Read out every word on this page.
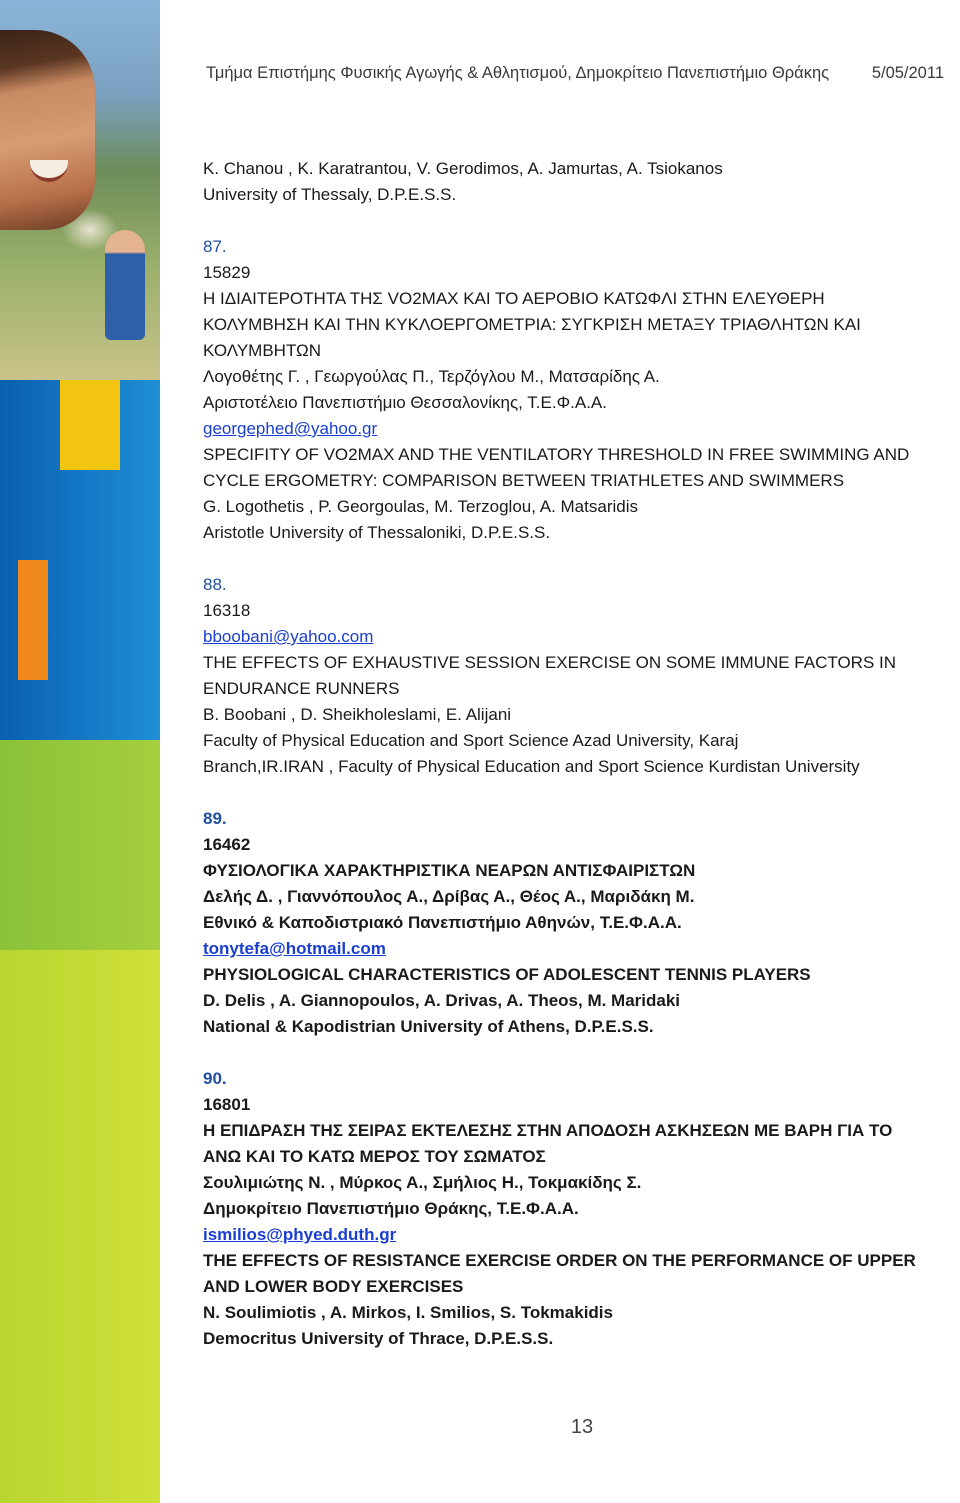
Τμήμα Επιστήμης Φυσικής Αγωγής & Αθλητισμού, Δημοκρίτειο Πανεπιστήμιο Θράκης	5/05/2011
K. Chanou , K. Karatrantou, V. Gerodimos, A. Jamurtas, A. Tsiokanos
University of Thessaly, D.P.E.S.S.
87.
15829
Η ΙΔΙΑΙΤΕΡΟΤΗΤΑ ΤΗΣ VO2MAX ΚΑΙ ΤΟ ΑΕΡΟΒΙΟ ΚΑΤΩΦΛΙ ΣΤΗΝ ΕΛΕΥΘΕΡΗ
ΚΟΛΥΜΒΗΣΗ ΚΑΙ ΤΗΝ ΚΥΚΛΟΕΡΓΟΜΕΤΡΙΑ: ΣΥΓΚΡΙΣΗ ΜΕΤΑΞΥ ΤΡΙΑΘΛΗΤΩΝ ΚΑΙ
ΚΟΛΥΜΒΗΤΩΝ
Λογοθέτης Γ. , Γεωργούλας Π., Τερζόγλου Μ., Ματσαρίδης Α.
Αριστοτέλειο Πανεπιστήμιο Θεσσαλονίκης, Τ.Ε.Φ.Α.Α.
georgephed@yahoo.gr
SPECIFITY OF VO2MAX AND THE VENTILATORY THRESHOLD IN FREE SWIMMING AND
CYCLE ERGOMETRY: COMPARISON BETWEEN TRIATHLETES AND SWIMMERS
G. Logothetis , P. Georgoulas, M. Terzoglou, A. Matsaridis
Aristotle University of Thessaloniki, D.P.E.S.S.
88.
16318
bboobani@yahoo.com
THE EFFECTS OF EXHAUSTIVE SESSION EXERCISE ON SOME IMMUNE FACTORS IN
ENDURANCE RUNNERS
B. Boobani , D. Sheikholeslami, E. Alijani
Faculty of Physical Education and Sport Science Azad University, Karaj
Branch,IR.IRAN , Faculty of Physical Education and Sport Science Kurdistan University
89.
16462
ΦΥΣΙΟΛΟΓΙΚΑ ΧΑΡΑΚΤΗΡΙΣΤΙΚΑ ΝΕΑΡΩΝ ΑΝΤΙΣΦΑΙΡΙΣΤΩΝ
Δελής Δ. , Γιαννόπουλος Α., Δρίβας Α., Θέος Α., Μαριδάκη Μ.
Εθνικό & Καποδιστριακό Πανεπιστήμιο Αθηνών, Τ.Ε.Φ.Α.Α.
tonytefa@hotmail.com
PHYSIOLOGICAL CHARACTERISTICS OF ADOLESCENT TENNIS PLAYERS
D. Delis , A. Giannopoulos, A. Drivas, A. Theos, M. Maridaki
National & Kapodistrian University of Athens, D.P.E.S.S.
90.
16801
Η ΕΠΙΔΡΑΣΗ ΤΗΣ ΣΕΙΡΑΣ ΕΚΤΕΛΕΣΗΣ ΣΤΗΝ ΑΠΟΔΟΣΗ ΑΣΚΗΣΕΩΝ ΜΕ ΒΑΡΗ ΓΙΑ ΤΟ
ΑΝΩ ΚΑΙ ΤΟ ΚΑΤΩ ΜΕΡΟΣ ΤΟΥ ΣΩΜΑΤΟΣ
Σουλιμιώτης Ν. , Μύρκος Α., Σμήλιος Η., Τοκμακίδης Σ.
Δημοκρίτειο Πανεπιστήμιο Θράκης, Τ.Ε.Φ.Α.Α.
ismilios@phyed.duth.gr
THE EFFECTS OF RESISTANCE EXERCISE ORDER ON THE PERFORMANCE OF UPPER
AND LOWER BODY EXERCISES
N. Soulimiotis , A. Mirkos, I. Smilios, S. Tokmakidis
Democritus University of Thrace, D.P.E.S.S.
13
